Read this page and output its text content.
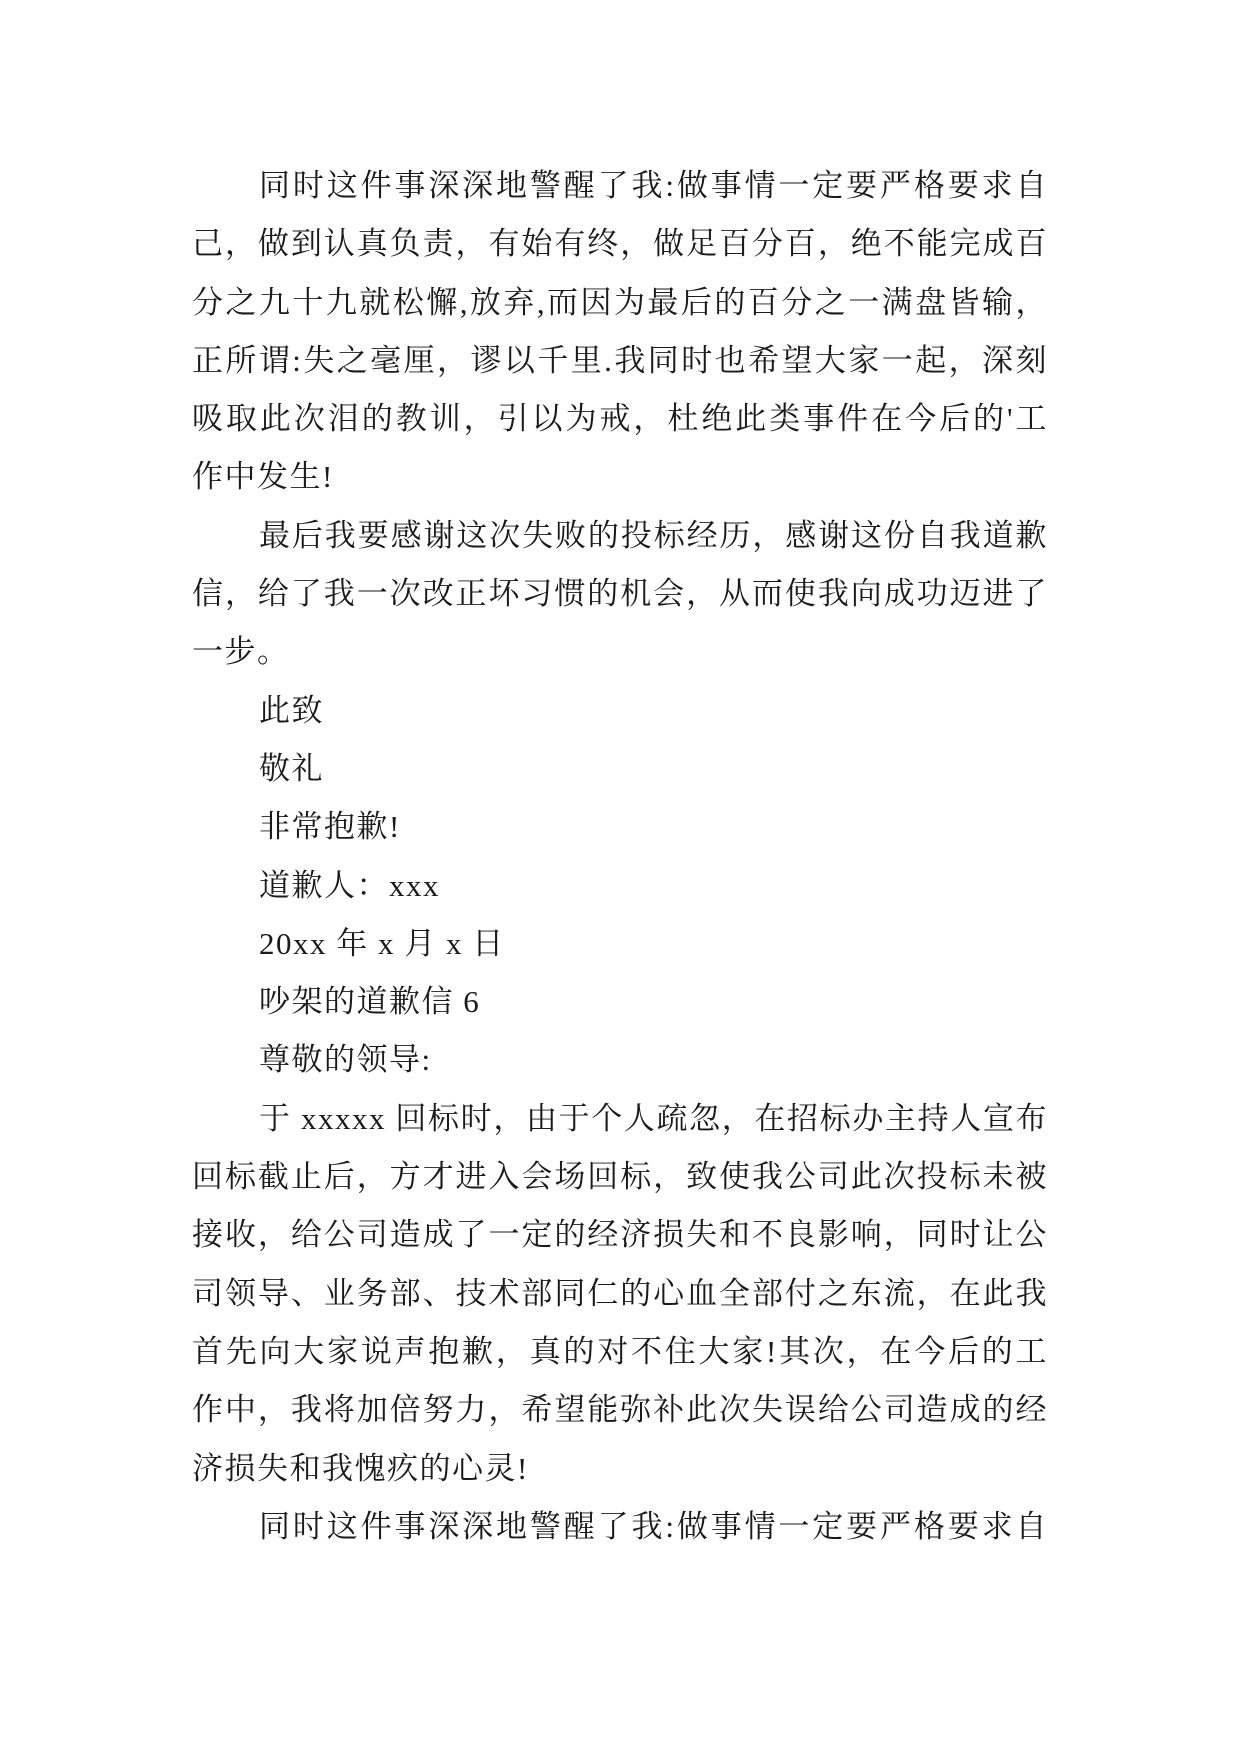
同时这件事深深地警醒了我:做事情一定要严格要求自
己，做到认真负责，有始有终，做足百分百，绝不能完成百
分之九十九就松懈,放弃,而因为最后的百分之一满盘皆输，
正所谓:失之毫厘，谬以千里.我同时也希望大家一起，深刻
吸取此次泪的教训，引以为戒，杜绝此类事件在今后的'工
作中发生!
最后我要感谢这次失败的投标经历，感谢这份自我道歉
信，给了我一次改正坏习惯的机会，从而使我向成功迈进了
一步。
此致
敬礼
非常抱歉!
道歉人：xxx
20xx 年 x 月 x 日
吵架的道歉信 6
尊敬的领导:
于 xxxxx 回标时，由于个人疏忽，在招标办主持人宣布
回标截止后，方才进入会场回标，致使我公司此次投标未被
接收，给公司造成了一定的经济损失和不良影响，同时让公
司领导、业务部、技术部同仁的心血全部付之东流，在此我
首先向大家说声抱歉，真的对不住大家!其次，在今后的工
作中，我将加倍努力，希望能弥补此次失误给公司造成的经
济损失和我愧疚的心灵!
同时这件事深深地警醒了我:做事情一定要严格要求自
